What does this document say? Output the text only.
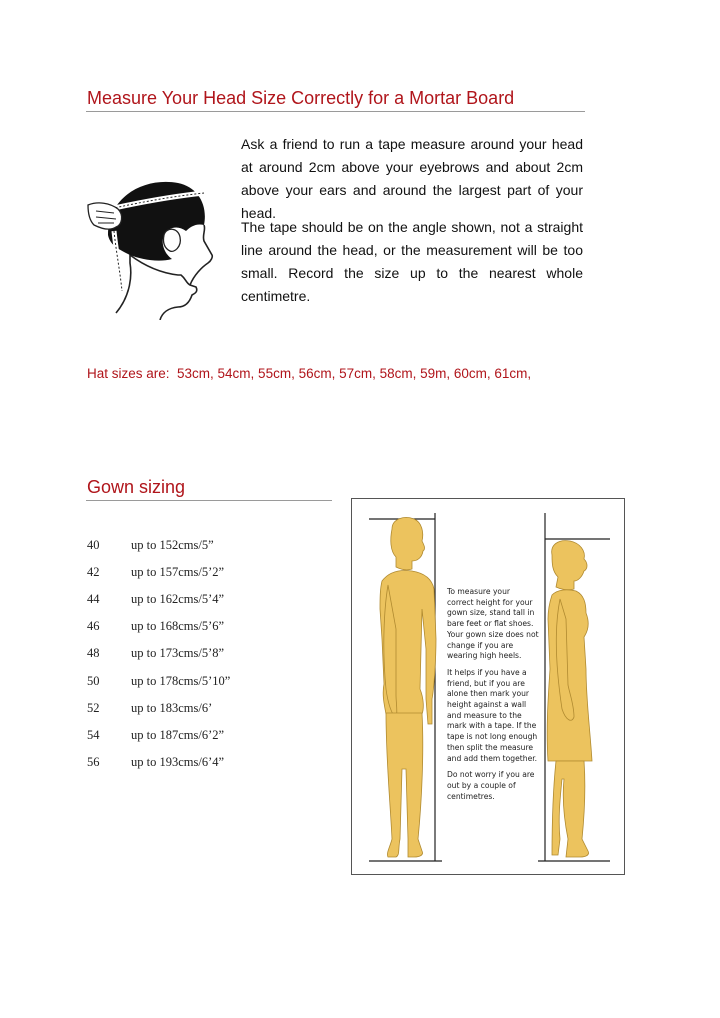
Measure Your Head Size Correctly for a Mortar Board

Ask a friend to run a tape measure around your head at around 2cm above your eyebrows and about 2cm above your ears and around the largest part of your head.

The tape should be on the angle shown, not a straight line around the head, or the measurement will be too small. Record the size up to the nearest whole centimetre.

Hat sizes are:  53cm, 54cm, 55cm, 56cm, 57cm, 58cm, 59m, 60cm, 61cm,
Gown sizing
40	up to 152cms/5”
42	up to 157cms/5’2”
44	up to 162cms/5’4”
46	up to 168cms/5’6”
48	up to 173cms/5’8”
50	up to 178cms/5’10”
52	up to 183cms/6’
54	up to 187cms/6’2”
56	up to 193cms/6’4”

To measure your correct height for your gown size, stand tall in bare feet or flat shoes. Your gown size does not change if you are wearing high heels.

It helps if you have a friend, but if you are alone then mark your height against a wall and measure to the mark with a tape. If the tape is not long enough then split the measure and add them together.

Do not worry if you are out by a couple of centimetres.
